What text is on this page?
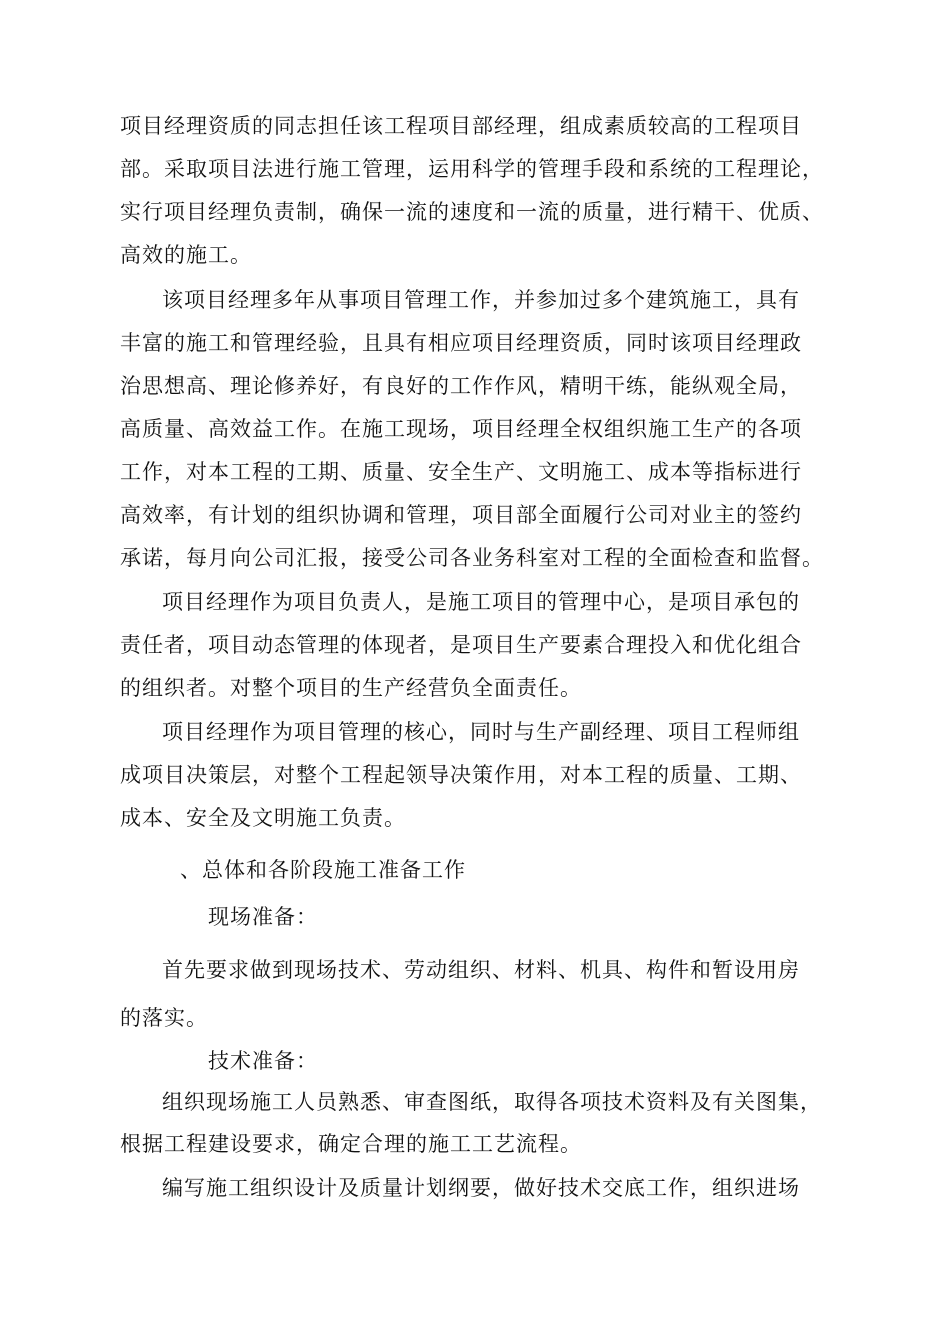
项目经理资质的同志担任该工程项目部经理，组成素质较高的工程项目
部。采取项目法进行施工管理，运用科学的管理手段和系统的工程理论，
实行项目经理负责制，确保一流的速度和一流的质量，进行精干、优质、
高效的施工。
该项目经理多年从事项目管理工作，并参加过多个建筑施工，具有
丰富的施工和管理经验，且具有相应项目经理资质，同时该项目经理政
治思想高、理论修养好，有良好的工作作风，精明干练，能纵观全局，
高质量、高效益工作。在施工现场，项目经理全权组织施工生产的各项
工作，对本工程的工期、质量、安全生产、文明施工、成本等指标进行
高效率，有计划的组织协调和管理，项目部全面履行公司对业主的签约
承诺，每月向公司汇报，接受公司各业务科室对工程的全面检查和监督。
项目经理作为项目负责人，是施工项目的管理中心，是项目承包的
责任者，项目动态管理的体现者，是项目生产要素合理投入和优化组合
的组织者。对整个项目的生产经营负全面责任。
项目经理作为项目管理的核心，同时与生产副经理、项目工程师组
成项目决策层，对整个工程起领导决策作用，对本工程的质量、工期、
成本、安全及文明施工负责。
、总体和各阶段施工准备工作
现场准备：
首先要求做到现场技术、劳动组织、材料、机具、构件和暂设用房
的落实。
技术准备：
组织现场施工人员熟悉、审查图纸，取得各项技术资料及有关图集，
根据工程建设要求，确定合理的施工工艺流程。
编写施工组织设计及质量计划纲要，做好技术交底工作，组织进场
